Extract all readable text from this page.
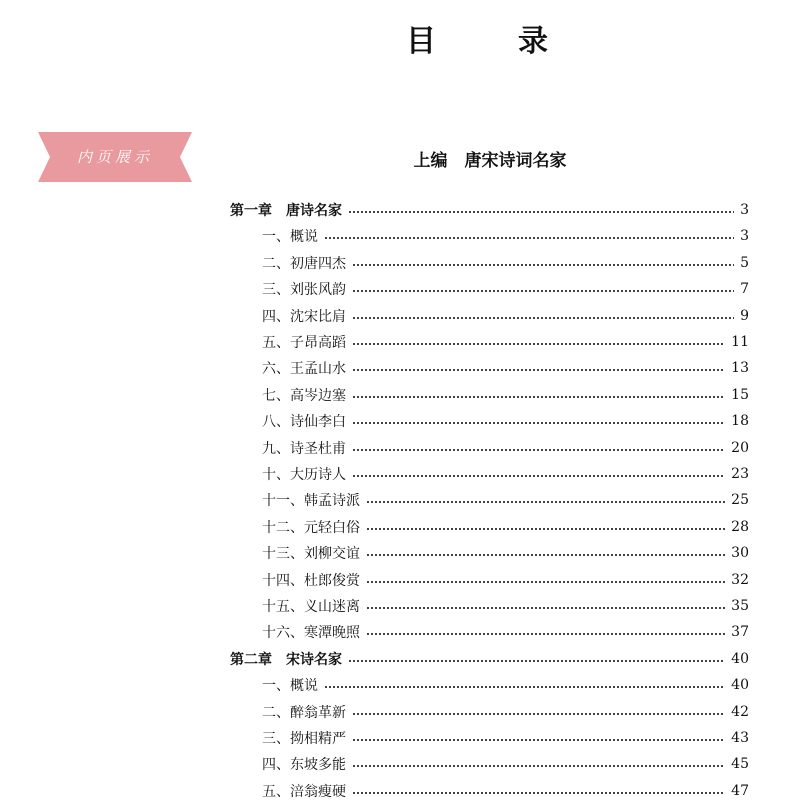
目　录
内页展示	上编　唐宋诗词名家
第一章　唐诗名家	3
一、概说	3
二、初唐四杰	5
三、刘张风韵	7
四、沈宋比肩	9
五、子昂高蹈	11
六、王孟山水	13
七、高岑边塞	15
八、诗仙李白	18
九、诗圣杜甫	20
十、大历诗人	23
十一、韩孟诗派	25
十二、元轻白俗	28
十三、刘柳交谊	30
十四、杜郎俊赏	32
十五、义山迷离	35
十六、寒潭晚照	37
第二章　宋诗名家	40
一、概说	40
二、醉翁革新	42
三、拗相精严	43
四、东坡多能	45
五、涪翁瘦硬	47
